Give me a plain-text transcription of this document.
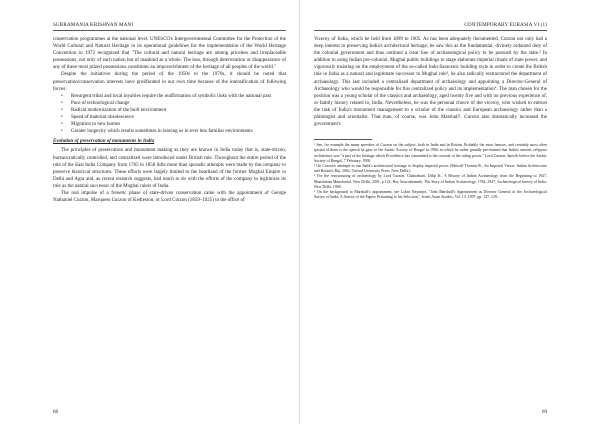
SUBRAMANIA KRISHNAN MANI

conservation programmes at the national level. UNESCO's Intergovernmental Committee for the Protection of the World Cultural and Natural Heritage in its operational guidelines for the implementation of the World Heritage Convention in 1972 recognized that "The cultural and natural heritage are among priceless and irreplaceable possessions, not only of each nation but of mankind as a whole. The loss, through deterioration or disappearance of any of these most prized possessions constitutes an impoverishment of the heritage of all peoples of the world."

Despite the initiatives during the period of the 1950s to the 1970s, it should be noted that preservation/conservation interests have proliferated in our own time because of the intensification of following forces:

• Resurgent tribal and local loyalties require the reaffirmation of symbolic links with the national past
• Pace of technological change
• Radical modernization of the built environment
• Speed of material obsolescence
• Migration to new homes
• Greater longevity which results sometimes in leaving us in ever less familiar environments
Evolution of preservation of monuments in India

The principles of preservation and monument making as they are known in India today that is, state-driven, bureaucratically controlled, and centralized were introduced under British rule. Throughout the entire period of the rule of the East India Company from 1765 to 1858 little more than sporadic attempts were made by the company to preserve historical structures. These efforts were largely limited to the heartland of the former Mughal Empire in Delhi and Agra and, as recent research suggests, had much to do with the efforts of the company to legitimize its rule as the natural successor of the Mughal rulers of India.

The real impulse of a frenetic phase of state-driven conservation came with the appointment of George Nathaniel Curzon, Marquess Curzon of Kedleston, or Lord Curzon (1859–1925) to the office of

68
CONTEMPORARY EURASIA VI (1)

Viceroy of India, which he held from 1899 to 1905. As has been adequately documented, Curzon not only had a deep interest in preserving India's architectural heritage; he saw this as the fundamental, divinely ordained duty of the colonial government and thus outlined a clear line of archaeological policy to be pursued by the state.² In addition to using Indian pre-colonial, Mughal public buildings to stage elaborate imperial rituals of state power, and vigorously insisting on the employment of the so-called Indo-Saracenic building style in order to create the British rule in India as a natural and legitimate successor to Mughal rule³, he also radically restructured the department of archaeology. This last included a centralized department of archaeology and appointing a Director-General of Archaeology who would be responsible for this centralized policy and its implementation⁴. The man chosen for the position was a young scholar of the classics and archaeology, aged twenty five and with no previous experience of, or family history related to, India. Nevertheless, he was the personal choice of the viceroy, who wished to entrust the task of India's monument management to a scholar of the classics and European archaeology rather than a philologist and orientalist. That man, of course, was John Marshall⁵. Curzon also dramatically increased the government's

² See, for example the many speeches of Curzon on the subject, both in India and in Britain. Probably the most famous, and certainly most often quoted of these is the speech he gave to the Asiatic Society of Bengal in 1900, in which he rather grandly proclaimed that India's ancient, religious architecture was "a part of the heritage which Providence has committed to the custody of the ruling power." Lord Curzon, Speech before the Asiatic Society of Bengal, 7 February, 1900.

³ On Curzon's attempts to use India's architectural heritage to display imperial power (Metcalf Thomas R., An Imperial Vision: Indian Architecture and Britain's Raj, 2002, Oxford University Press, New Delhi).

⁴ For the restructuring of archaeology by Lord Curzon, Chakrabarti, Dilip K., A History of Indian Archaeology from the Beginning to 1947, Munshiram Manoharlal, New Delhi, 2001, p.122; Roy Sourindranath, The Story of Indian Archaeology, 1784–1947, Archaeological Survey of India, New Delhi, 1996.

⁵ On the background to Marshall's appointment, see Lahiri Nayanjot, "John Marshall's Appointment as Director General of the Archaeological Survey of India: A Survey of the Papers Pertaining to his Selection", South Asian Studies, Vol. 13, 1997, pp. 127–139.

69
